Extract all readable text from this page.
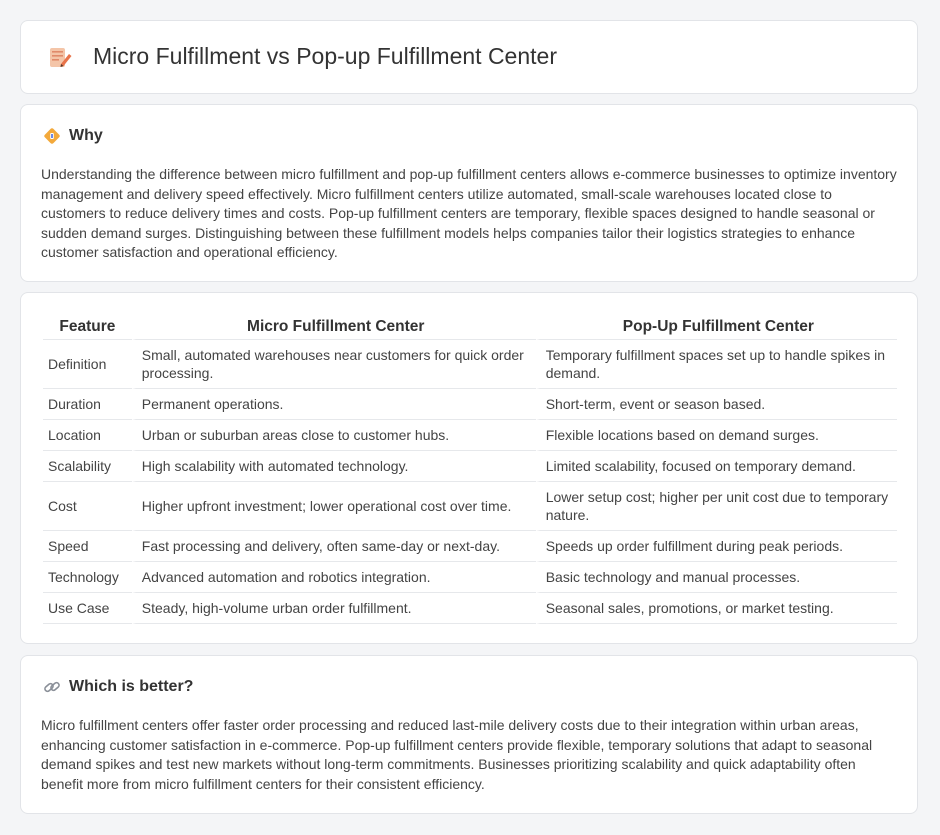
Micro Fulfillment vs Pop-up Fulfillment Center
Why

Understanding the difference between micro fulfillment and pop-up fulfillment centers allows e-commerce businesses to optimize inventory management and delivery speed effectively. Micro fulfillment centers utilize automated, small-scale warehouses located close to customers to reduce delivery times and costs. Pop-up fulfillment centers are temporary, flexible spaces designed to handle seasonal or sudden demand surges. Distinguishing between these fulfillment models helps companies tailor their logistics strategies to enhance customer satisfaction and operational efficiency.

Feature	Micro Fulfillment Center	Pop-Up Fulfillment Center
Definition	Small, automated warehouses near customers for quick order processing.	Temporary fulfillment spaces set up to handle spikes in demand.
Duration	Permanent operations.	Short-term, event or season based.
Location	Urban or suburban areas close to customer hubs.	Flexible locations based on demand surges.
Scalability	High scalability with automated technology.	Limited scalability, focused on temporary demand.
Cost	Higher upfront investment; lower operational cost over time.	Lower setup cost; higher per unit cost due to temporary nature.
Speed	Fast processing and delivery, often same-day or next-day.	Speeds up order fulfillment during peak periods.
Technology	Advanced automation and robotics integration.	Basic technology and manual processes.
Use Case	Steady, high-volume urban order fulfillment.	Seasonal sales, promotions, or market testing.
Which is better?

Micro fulfillment centers offer faster order processing and reduced last-mile delivery costs due to their integration within urban areas, enhancing customer satisfaction in e-commerce. Pop-up fulfillment centers provide flexible, temporary solutions that adapt to seasonal demand spikes and test new markets without long-term commitments. Businesses prioritizing scalability and quick adaptability often benefit more from micro fulfillment centers for their consistent efficiency.
